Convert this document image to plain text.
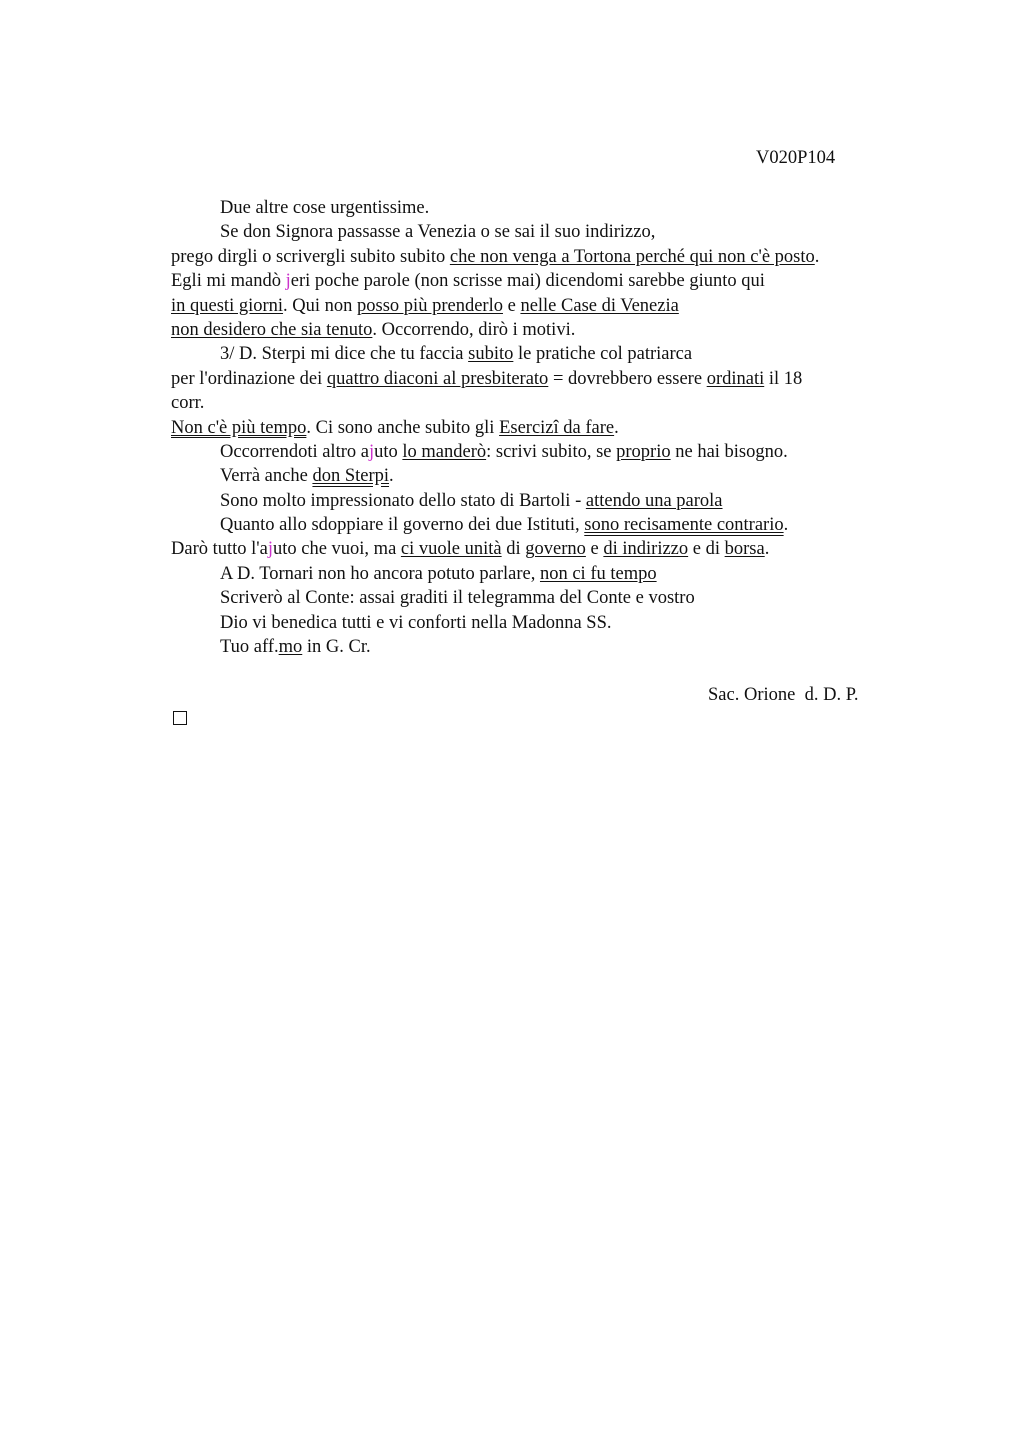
V020P104
Due altre cose urgentissime.
Se don Signora passasse a Venezia o se sai il suo indirizzo,
prego dirgli o scrivergli subito subito che non venga a Tortona perché qui non c'è posto.
Egli mi mandò jeri poche parole (non scrisse mai) dicendomi sarebbe giunto qui
in questi giorni. Qui non posso più prenderlo e nelle Case di Venezia
non desidero che sia tenuto. Occorrendo, dirò i motivi.
3/ D. Sterpi mi dice che tu faccia subito le pratiche col patriarca
per l'ordinazione dei quattro diaconi al presbiterato = dovrebbero essere ordinati il 18
corr.
Non c'è più tempo. Ci sono anche subito gli Esercizî da fare.
Occorrendoti altro ajuto lo manderò: scrivi subito, se proprio ne hai bisogno.
Verrà anche don Sterpi.
Sono molto impressionato dello stato di Bartoli - attendo una parola
Quanto allo sdoppiare il governo dei due Istituti, sono recisamente contrario.
Darò tutto l'ajuto che vuoi, ma ci vuole unità di governo e di indirizzo e di borsa.
A D. Tornari non ho ancora potuto parlare, non ci fu tempo
Scriverò al Conte: assai graditi il telegramma del Conte e vostro
Dio vi benedica tutti e vi conforti nella Madonna SS.
Tuo aff.mo in G. Cr.
Sac. Orione  d. D. P.
